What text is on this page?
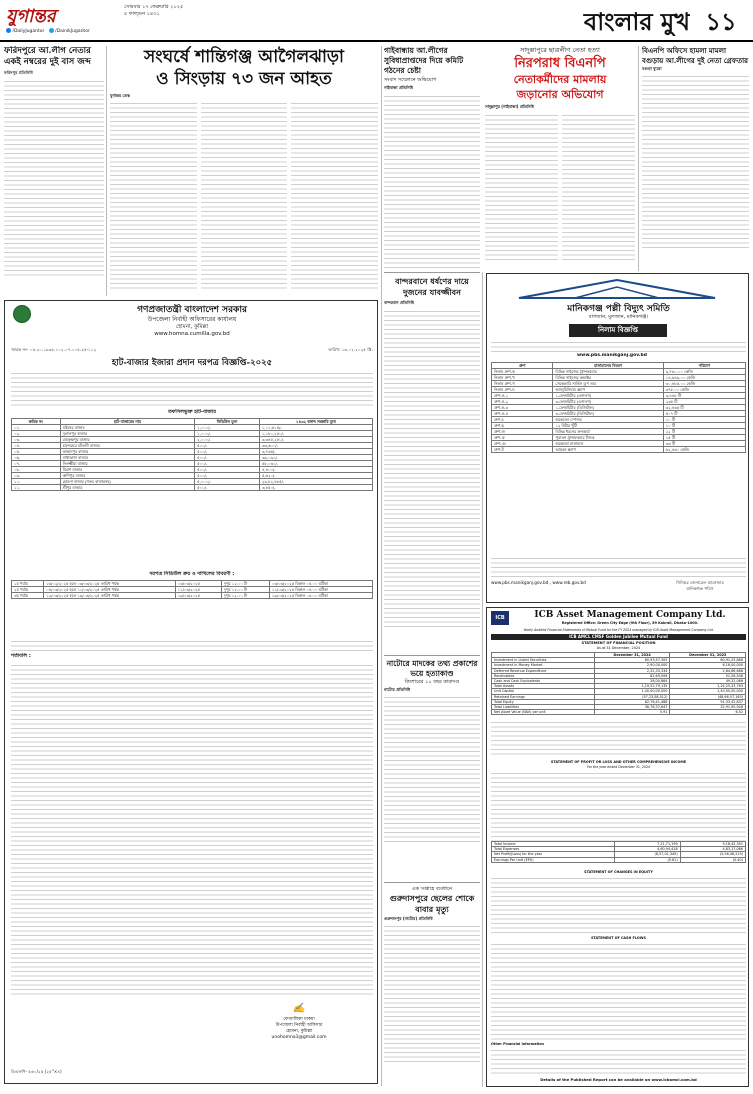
যুগান্তর	সোমবার ১৭ ফেব্রুয়ারি ২০২৫
৫ ফাল্গুন ১৪৩১
/DailyJugantor /DainikJugantor	বাংলার মুখ ১১
ফরিদপুরে আ.লীগ নেতার একই নম্বরের দুই বাস জব্দ
ফরিদপুর প্রতিনিধি
সংঘর্ষে শান্তিগঞ্জ আগৈলঝাড়া
ও সিংড়ায় ৭৩ জন আহত
যুগান্তর ডেস্ক
গাইবান্ধায় আ.লীগের সুবিধাপ্রাপ্তদের দিয়ে কমিটি গঠনের চেষ্টা
সংবাদ সম্মেলনে অভিযোগ
গাইবান্ধা প্রতিনিধি
সাদুল্লাপুরে ছাত্রলীগ নেতা হত্যা
নিরপরাধ বিএনপি
নেতাকর্মীদের মামলায়
জড়ানোর অভিযোগ
সাদুল্লাপুর (গাইবান্ধা) প্রতিনিধি
বিএনপি অফিসে হামলা মামলা বগুড়ায় আ.লীগের দুই নেতা গ্রেফতার
বগুড়া ব্যুরো
গণপ্রজাতন্ত্রী বাংলাদেশ সরকার
উপজেলা নির্বাহী অফিসারের কার্যালয়
হোমনা, কুমিল্লা
www.homna.cumilla.gov.bd
স্মারক নং- ০৫.২০.১৯৩৪.১০২.০৭.০০৪.২৫-১১২	তারিখ: ১৩.০২.২০২৫ খ্রি.
হাট-বাজার ইজারা প্রদান দরপত্র বিজ্ঞপ্তি-২০২৫
তফসিলভুক্ত হাট-বাজার
ক্রমিক নং	হাট-বাজারের নাম	সিডিউল মূল্য	১৪৩২ বঙ্গাব্দ সরকারি মূল্য
০১.	মহিষের বাজার	১,০০০/-	১,০১,৬১৫/-
০২.	দুলালপুর বাজার	১,০০০/-	১,১৮০,২৫০/-
০৩.	রামকৃষ্ণপুর বাজার	২,০০০/-	৩,৩৪৫,২৫০/-
০৪.	চান্দেরচর বটতলী বাজার	৫০০/-	৩৩,৬০০/-
০৫.	আছাদপুর বাজার	৫০০/-	৩,৭৩৫/-
০৬.	মাথাভাঙ্গা বাজার	৫০০/-	৩৯,০৯০/-
০৭.	নিলক্ষ্মীয়া বাজার	৫০০/-	৫৮,০৩০/-
০৮.	মিরাশ বাজার	৫০০/-	৪,৪০০/-
০৯.	কাশিপুর বাজার	৫০০/-	৫,৬২০/-
১০.	হোমনা বাজার (গরুর বাজারসহ)	৫,০০০/-	২৯,৮২,৪৮৫/-
১১.	শ্রীপুর বাজার	৫০০/-	৩,৪৫০/-
দরপত্র সিডিউল ক্রয় ও দাখিলের বিবরণী :
১ম পর্যায়	১৬/০২/২০২৫ হতে ০৩/০৩/২০২৫ তারিখ পর্যন্ত	০৩/০৩/২০২৫	দুপুর ১২.০০ টা	০৩/০৩/২০২৫ বিকাল ০৪.০০ ঘটিকা
২য় পর্যায়	০৪/০৩/২০২৫ হতে ১১/০৩/২০২৫ তারিখ পর্যন্ত	১১/০৩/২০২৫	দুপুর ১২.০০ টা	১১/০৩/২০২৫ বিকাল ০৪.০০ ঘটিকা
৩য় পর্যায়	১২/০৩/২০২৫ হতে ১৯/০৩/২০২৫ তারিখ পর্যন্ত	১৯/০৩/২০২৫	দুপুর ১২.০০ টা	১৯/০৩/২০২৫ বিকাল ০৪.০০ ঘটিকা
শর্তাবলি :
✍
ফেআলিকা চাকমা
উপজেলা নির্বাহী অফিসার
হোমনা, কুমিল্লা
unohomna1@gmail.com
ডিএফপি- ৫৬০/২৫ (২৫"×৪)
বান্দরবানে ধর্ষণের দায়ে দুজনের যাবজ্জীবন
বান্দরবান প্রতিনিধি
নাটোরে মাদকের তথ্য প্রকাশের ভয়ে হত্যাকাণ্ড
কিশোরের ১০ বছর কারাদণ্ড
নাটোর প্রতিনিধি
এক সপ্তাহে ব্যবধানে
গুরুদাসপুরে ছেলের শোকে বাবার মৃত্যু
গুরুদাসপুর (নাটোর) প্রতিনিধি
মানিকগঞ্জ পল্লী বিদ্যুৎ সমিতি
বাগজান, মুলজান, মানিকগঞ্জ।
নিলাম বিজ্ঞপ্তি
www.pbs.manikganj.gov.bd
গ্রুপ	মালামালের বিবরণ	পরিমাণ
নিলাম গ্রুপ-ক	বিভিন্ন সাইজের ট্রান্সফরমার	৯,৭৬০.০০ কেজি
নিলাম গ্রুপ-খ	বিভিন্ন সাইজের কন্ডাক্টর	১৪,৬৪৯.০০ কেজি
নিলাম গ্রুপ-গ	সেকেন্ডারি সার্ভিস ড্রপ তার	৩০,৪৮৫.০০ কেজি
নিলাম গ্রুপ-ঘ	অ্যালুমিনিয়াম স্ক্র্যাপ	৩৭৮.০০ কেজি
গ্রুপ-ঙ-১	১-ফেজমিটার (এনালগ)	৩,৪৪৮ টি
গ্রুপ-ঙ-২	৩-ফেজমিটার (এনালগ)	২৩৫ টি
গ্রুপ-ঙ-৩	১-ফেজমিটার (ডিজিটাল)	৩২,৪৬৫ টি
গ্রুপ-ঙ-৪	৩-ফেজমিটার (ডিজিটাল)	৫০৭ টি
গ্রুপ-চ	অকেজো স্পেসার	১০ টি
গ্রুপ-ছ	১২ মিটার খুঁটি	১০ টি
গ্রুপ-জ	বিভিন্ন ধরনের ক্রসআর্ম	২২ টি
গ্রুপ-ঝ	পুরাতন ট্রান্সফরমার ট্যাংক	১৫ টি
গ্রুপ-ঞ	অকেজো মালামাল	৩৩ টি
গ্রুপ-ট	আয়রন স্ক্র্যাপ	৬২,৪৬০ কেজি
www.pbs.manikganj.gov.bd , www.reb.gov.bd	সিনিয়র জেনারেল ম্যানেজার
মানিকগঞ্জ পবিস
ICB	ICB Asset Management Company Ltd.
Registered Office: Green City Edge (9th Floor), 89 Kakrail, Dhaka-1000.
Yearly Audited Financial Statements of Mutual Fund for the FY 2024 managed by ICB Asset Management Company Ltd.
ICB AMCL CMSF Golden Jubilee Mutual Fund
STATEMENT OF FINANCIAL POSITION
As at 31 December, 2024
	December 31, 2024	December 31, 2023
Investment in Listed Securities	60,93,57,305	60,91,25,868
Investment in Money Market	2,90,00,000	6,16,00,000
Deferred Revenue Expenditure	2,32,33,334	2,84,66,668
Receivables	82,69,006	51,26,548
Cash and Cash Equivalents	28,00,864	49,32,066
Total Assets	1,19,52,79,135	1,24,25,33,763
Unit Capital	1,40,00,00,000	1,40,00,00,000
Retained Earnings	(57,23,58,512)	(48,66,57,163)
Total Equity	82,76,41,488	91,33,42,837
Total Liabilities	36,76,37,647	32,91,90,926
Net Asset Value (NAV) per unit	5.91	6.52
STATEMENT OF PROFIT OR LOSS AND OTHER COMPREHENSIVE INCOME
For the year ended December 31, 2024
Total Income	7,21,71,199	9,16,42,391
Total Expenses	4,60,94,418	4,83,17,066
Net Profit/(Loss) for the year	(8,57,01,349)	(5,56,48,219)
Earnings Per Unit (EPU)	(0.61)	(0.40)
STATEMENT OF CHANGES IN EQUITY
STATEMENT OF CASH FLOWS
Other Financial Information
Details of the Published Report can be available on www.icbamcl.com.bd
